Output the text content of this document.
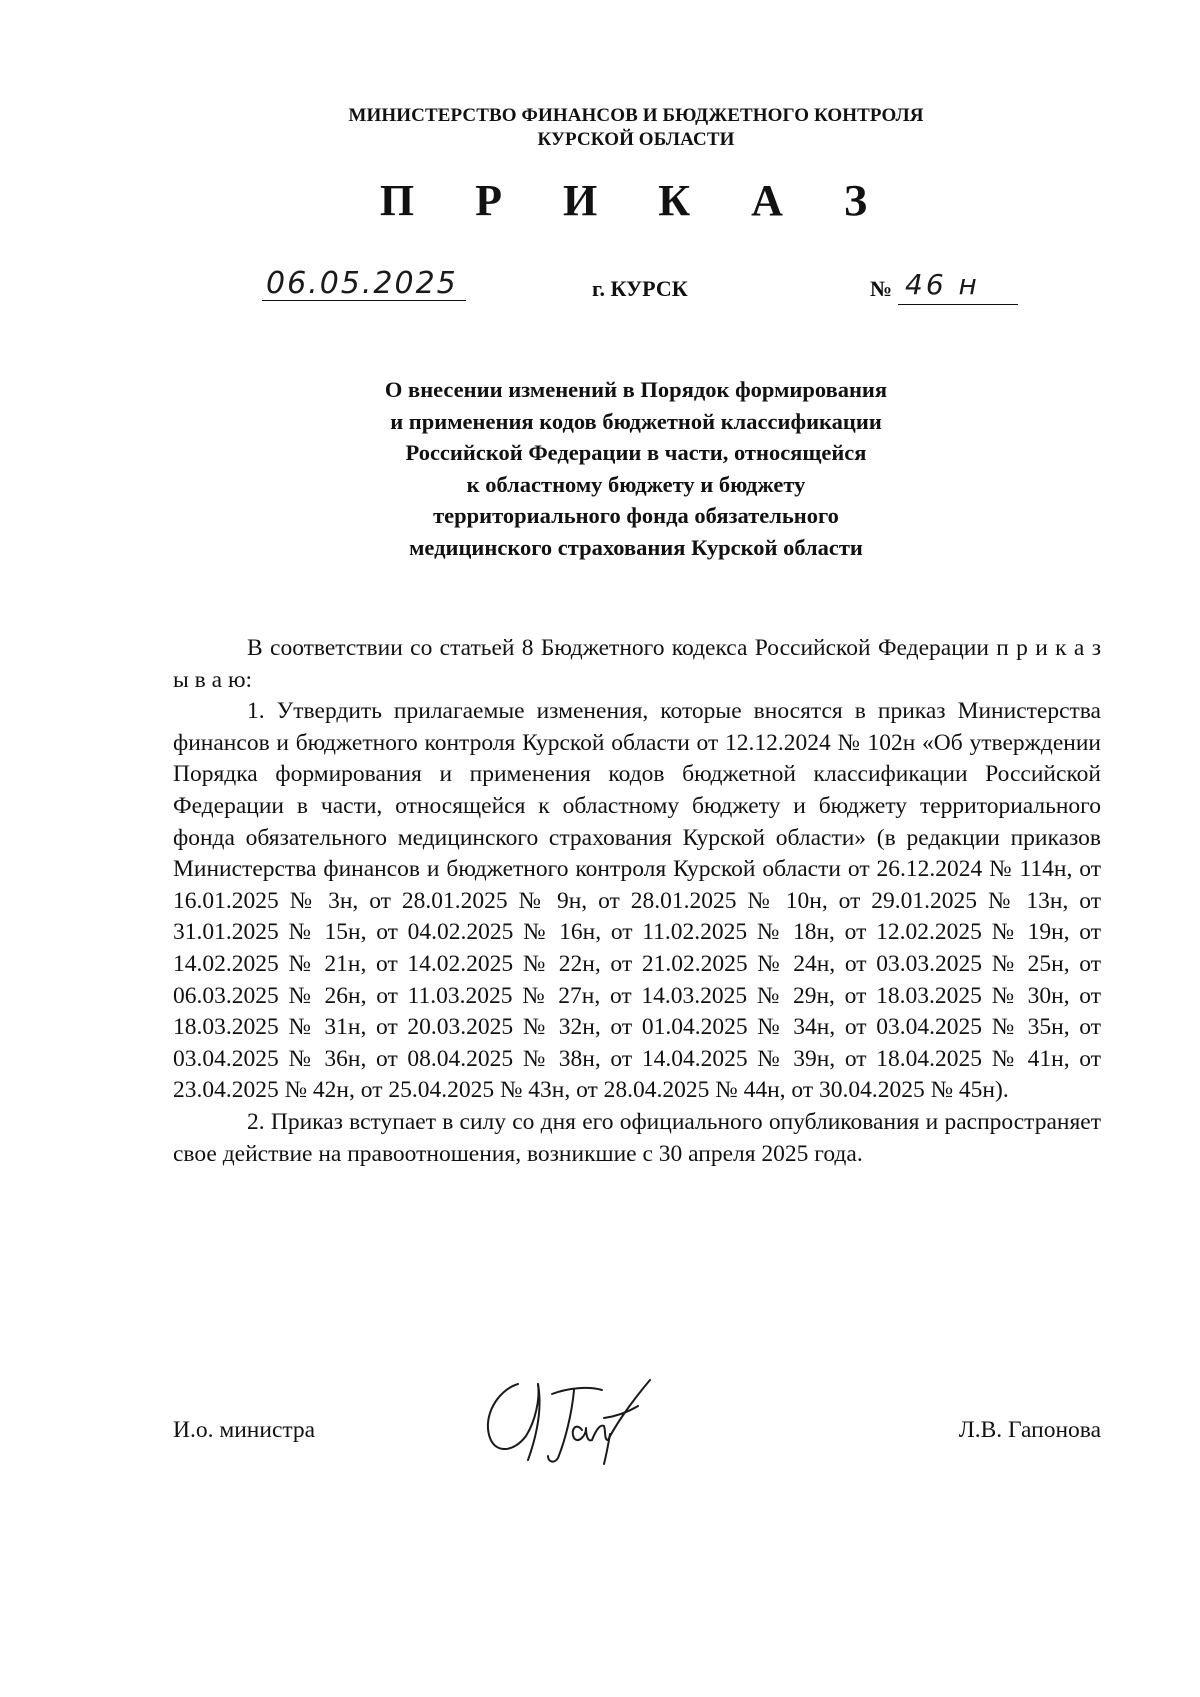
МИНИСТЕРСТВО ФИНАНСОВ И БЮДЖЕТНОГО КОНТРОЛЯ
КУРСКОЙ ОБЛАСТИ
П Р И К А З
06.05.2025	г. КУРСК	№ 46 н
О внесении изменений в Порядок формирования
и применения кодов бюджетной классификации
Российской Федерации в части, относящейся
к областному бюджету и бюджету
территориального фонда обязательного
медицинского страхования Курской области

В соответствии со статьей 8 Бюджетного кодекса Российской Федерации п р и к а з ы в а ю:

1. Утвердить прилагаемые изменения, которые вносятся в приказ Министерства финансов и бюджетного контроля Курской области от 12.12.2024 № 102н «Об утверждении Порядка формирования и применения кодов бюджетной классификации Российской Федерации в части, относящейся к областному бюджету и бюджету территориального фонда обязательного медицинского страхования Курской области» (в редакции приказов Министерства финансов и бюджетного контроля Курской области от 26.12.2024 № 114н, от 16.01.2025 № 3н, от 28.01.2025 № 9н, от 28.01.2025 № 10н, от 29.01.2025 № 13н, от 31.01.2025 № 15н, от 04.02.2025 № 16н, от 11.02.2025 № 18н, от 12.02.2025 № 19н, от 14.02.2025 № 21н, от 14.02.2025 № 22н, от 21.02.2025 № 24н, от 03.03.2025 № 25н, от 06.03.2025 № 26н, от 11.03.2025 № 27н, от 14.03.2025 № 29н, от 18.03.2025 № 30н, от 18.03.2025 № 31н, от 20.03.2025 № 32н, от 01.04.2025 № 34н, от 03.04.2025 № 35н, от 03.04.2025 № 36н, от 08.04.2025 № 38н, от 14.04.2025 № 39н, от 18.04.2025 № 41н, от 23.04.2025 № 42н, от 25.04.2025 № 43н, от 28.04.2025 № 44н, от 30.04.2025 № 45н).

2. Приказ вступает в силу со дня его официального опубликования и распространяет свое действие на правоотношения, возникшие с 30 апреля 2025 года.

И.о. министра	Л.В. Гапонова
